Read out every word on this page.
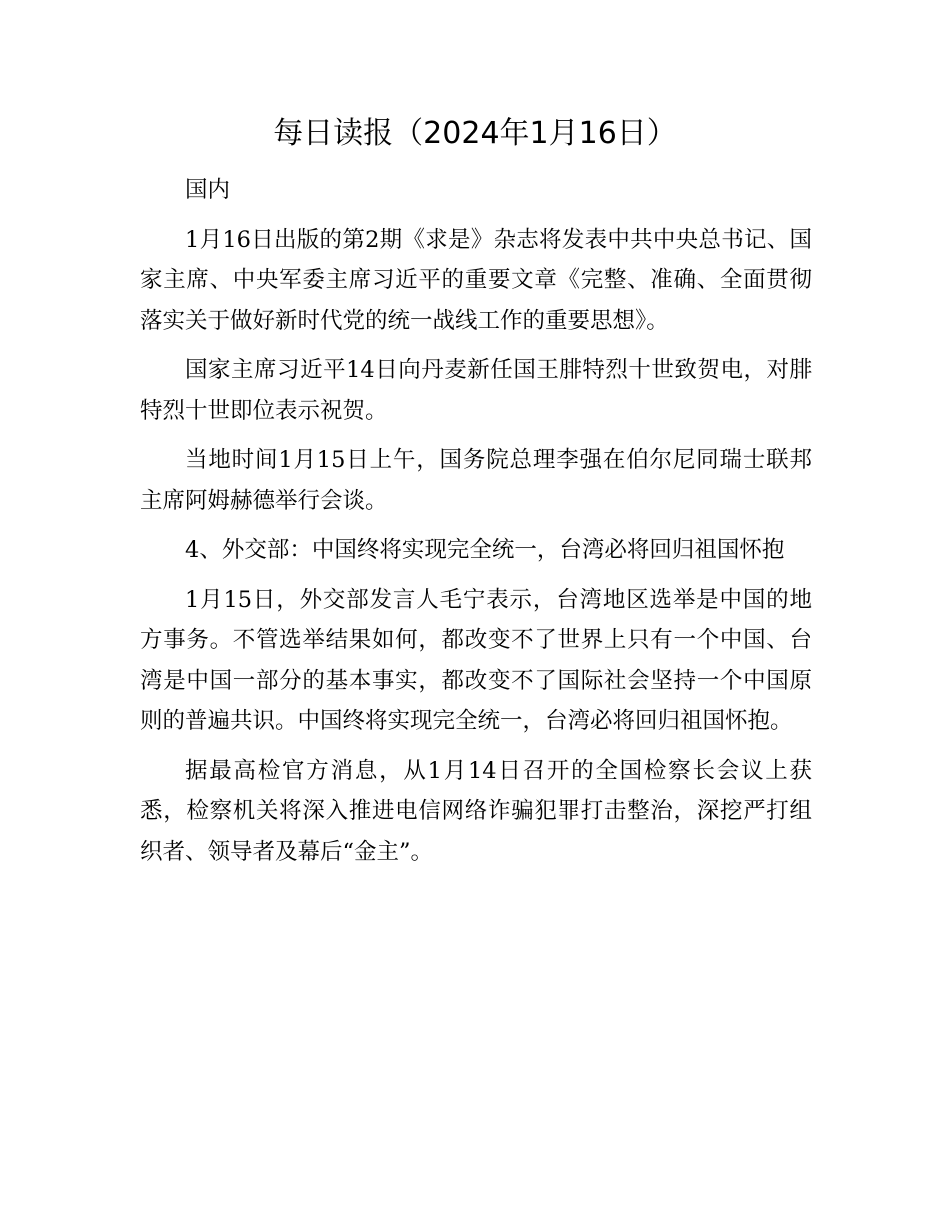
每日读报（2024年1月16日）

国内

1月16日出版的第2期《求是》杂志将发表中共中央总书记、国家主席、中央军委主席习近平的重要文章《完整、准确、全面贯彻落实关于做好新时代党的统一战线工作的重要思想》。

国家主席习近平14日向丹麦新任国王腓特烈十世致贺电，对腓特烈十世即位表示祝贺。

当地时间1月15日上午，国务院总理李强在伯尔尼同瑞士联邦主席阿姆赫德举行会谈。

4、外交部：中国终将实现完全统一，台湾必将回归祖国怀抱

1月15日，外交部发言人毛宁表示，台湾地区选举是中国的地方事务。不管选举结果如何，都改变不了世界上只有一个中国、台湾是中国一部分的基本事实，都改变不了国际社会坚持一个中国原则的普遍共识。中国终将实现完全统一，台湾必将回归祖国怀抱。

据最高检官方消息，从1月14日召开的全国检察长会议上获悉，检察机关将深入推进电信网络诈骗犯罪打击整治，深挖严打组织者、领导者及幕后“金主”。
